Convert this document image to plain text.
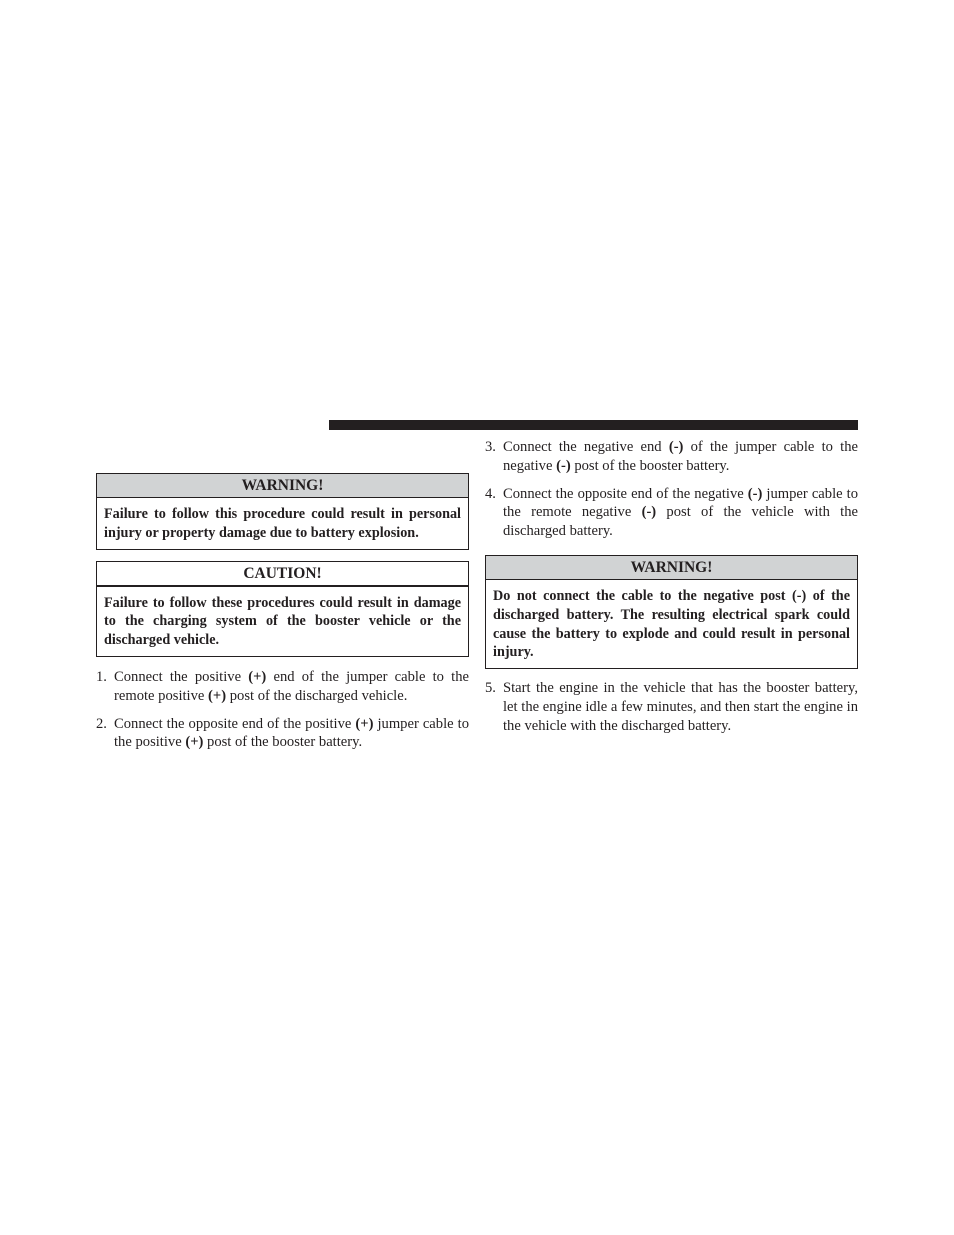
WARNING!
Failure to follow this procedure could result in personal injury or property damage due to battery explosion.
CAUTION!
Failure to follow these procedures could result in damage to the charging system of the booster vehicle or the discharged vehicle.
1. Connect the positive (+) end of the jumper cable to the remote positive (+) post of the discharged vehicle.
2. Connect the opposite end of the positive (+) jumper cable to the positive (+) post of the booster battery.
3. Connect the negative end (-) of the jumper cable to the negative (-) post of the booster battery.
4. Connect the opposite end of the negative (-) jumper cable to the remote negative (-) post of the vehicle with the discharged battery.
WARNING!
Do not connect the cable to the negative post (-) of the discharged battery. The resulting electrical spark could cause the battery to explode and could result in personal injury.
5. Start the engine in the vehicle that has the booster battery, let the engine idle a few minutes, and then start the engine in the vehicle with the discharged battery.
